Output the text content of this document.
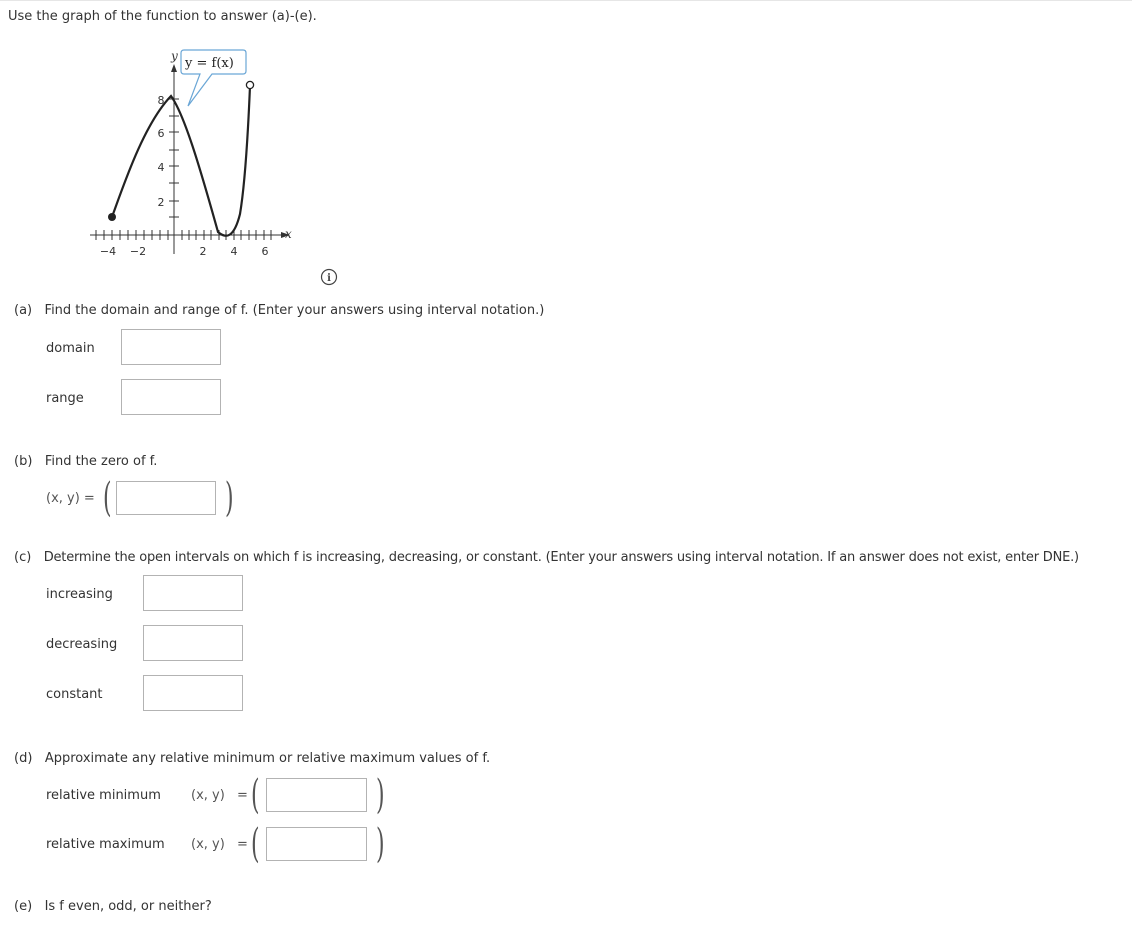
Use the graph of the function to answer (a)-(e).
y
x
y = f(x)
−4 −2	2 4 6
8
6
4
2
i
(a) Find the domain and range of f. (Enter your answers using interval notation.)
domain
range
(b) Find the zero of f.
(x, y) = (	)
(c) Determine the open intervals on which f is increasing, decreasing, or constant. (Enter your answers using interval notation. If an answer does not exist, enter DNE.)
increasing
decreasing
constant
(d) Approximate any relative minimum or relative maximum values of f.
relative minimum (x, y) = (	)
relative maximum (x, y) = (	)
(e) Is f even, odd, or neither?
